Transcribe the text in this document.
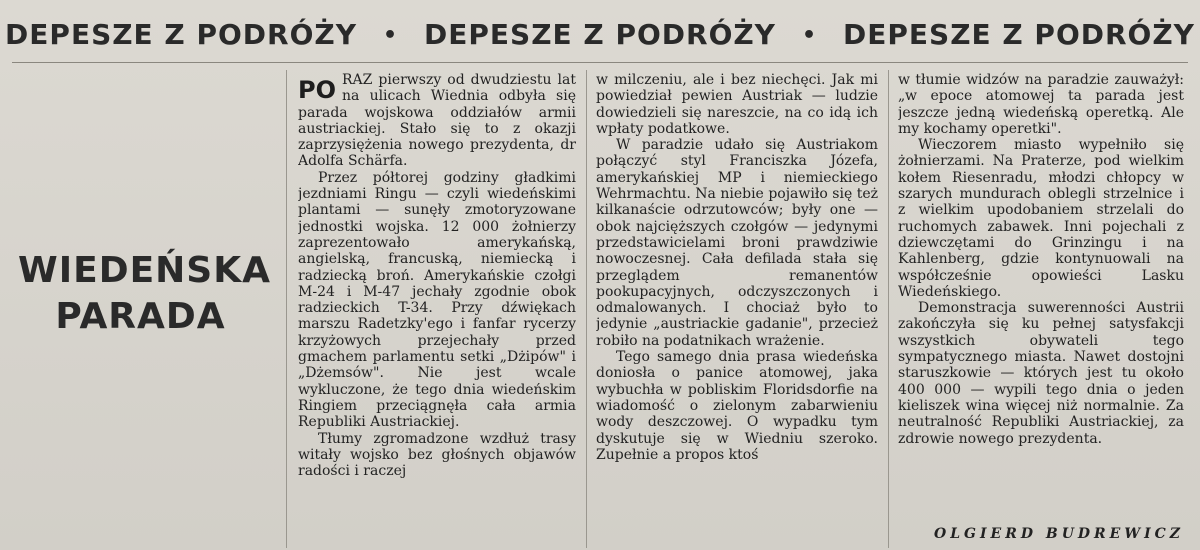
DEPESZE Z PODRÓŻY • DEPESZE Z PODRÓŻY • DEPESZE Z PODRÓŻY
WIEDEŃSKA
PARADA

PO RAZ pierwszy od dwudziestu lat na ulicach Wiednia odbyła się parada wojskowa oddziałów armii austriackiej. Stało się to z okazji zaprzysiężenia nowego prezydenta, dr Adolfa Schärfa.

Przez półtorej godziny gładkimi jezdniami Ringu — czyli wiedeńskimi plantami — sunęły zmotoryzowane jednostki wojska. 12 000 żołnierzy zaprezentowało amerykańską, angielską, francuską, niemiecką i radziecką broń. Amerykańskie czołgi M-24 i M-47 jechały zgodnie obok radzieckich T-34. Przy dźwiękach marszu Radetzky'ego i fanfar rycerzy krzyżowych przejechały przed gmachem parlamentu setki „Dżipów" i „Dżemsów". Nie jest wcale wykluczone, że tego dnia wiedeńskim Ringiem przeciągnęła cała armia Republiki Austriackiej.

Tłumy zgromadzone wzdłuż trasy witały wojsko bez głośnych objawów radości i raczej

w milczeniu, ale i bez niechęci. Jak mi powiedział pewien Austriak — ludzie dowiedzieli się nareszcie, na co idą ich wpłaty podatkowe.

W paradzie udało się Austriakom połączyć styl Franciszka Józefa, amerykańskiej MP i niemieckiego Wehrmachtu. Na niebie pojawiło się też kilkanaście odrzutowców; były one — obok najcięższych czołgów — jedynymi przedstawicielami broni prawdziwie nowoczesnej. Cała defilada stała się przeglądem remanentów pookupacyjnych, odczyszczonych i odmalowanych. I chociaż było to jedynie „austriackie gadanie", przecież robiło na podatnikach wrażenie.

Tego samego dnia prasa wiedeńska doniosła o panice atomowej, jaka wybuchła w pobliskim Floridsdorfie na wiadomość o zielonym zabarwieniu wody deszczowej. O wypadku tym dyskutuje się w Wiedniu szeroko. Zupełnie a propos ktoś

w tłumie widzów na paradzie zauważył: „w epoce atomowej ta parada jest jeszcze jedną wiedeńską operetką. Ale my kochamy operetki".

Wieczorem miasto wypełniło się żołnierzami. Na Praterze, pod wielkim kołem Riesenradu, młodzi chłopcy w szarych mundurach oblegli strzelnice i z wielkim upodobaniem strzelali do ruchomych zabawek. Inni pojechali z dziewczętami do Grinzingu i na Kahlenberg, gdzie kontynuowali na współcześnie opowieści Lasku Wiedeńskiego.

Demonstracja suwerenności Austrii zakończyła się ku pełnej satysfakcji wszystkich obywateli tego sympatycznego miasta. Nawet dostojni staruszkowie — których jest tu około 400 000 — wypili tego dnia o jeden kieliszek wina więcej niż normalnie. Za neutralność Republiki Austriackiej, za zdrowie nowego prezydenta.

OLGIERD BUDREWICZ
